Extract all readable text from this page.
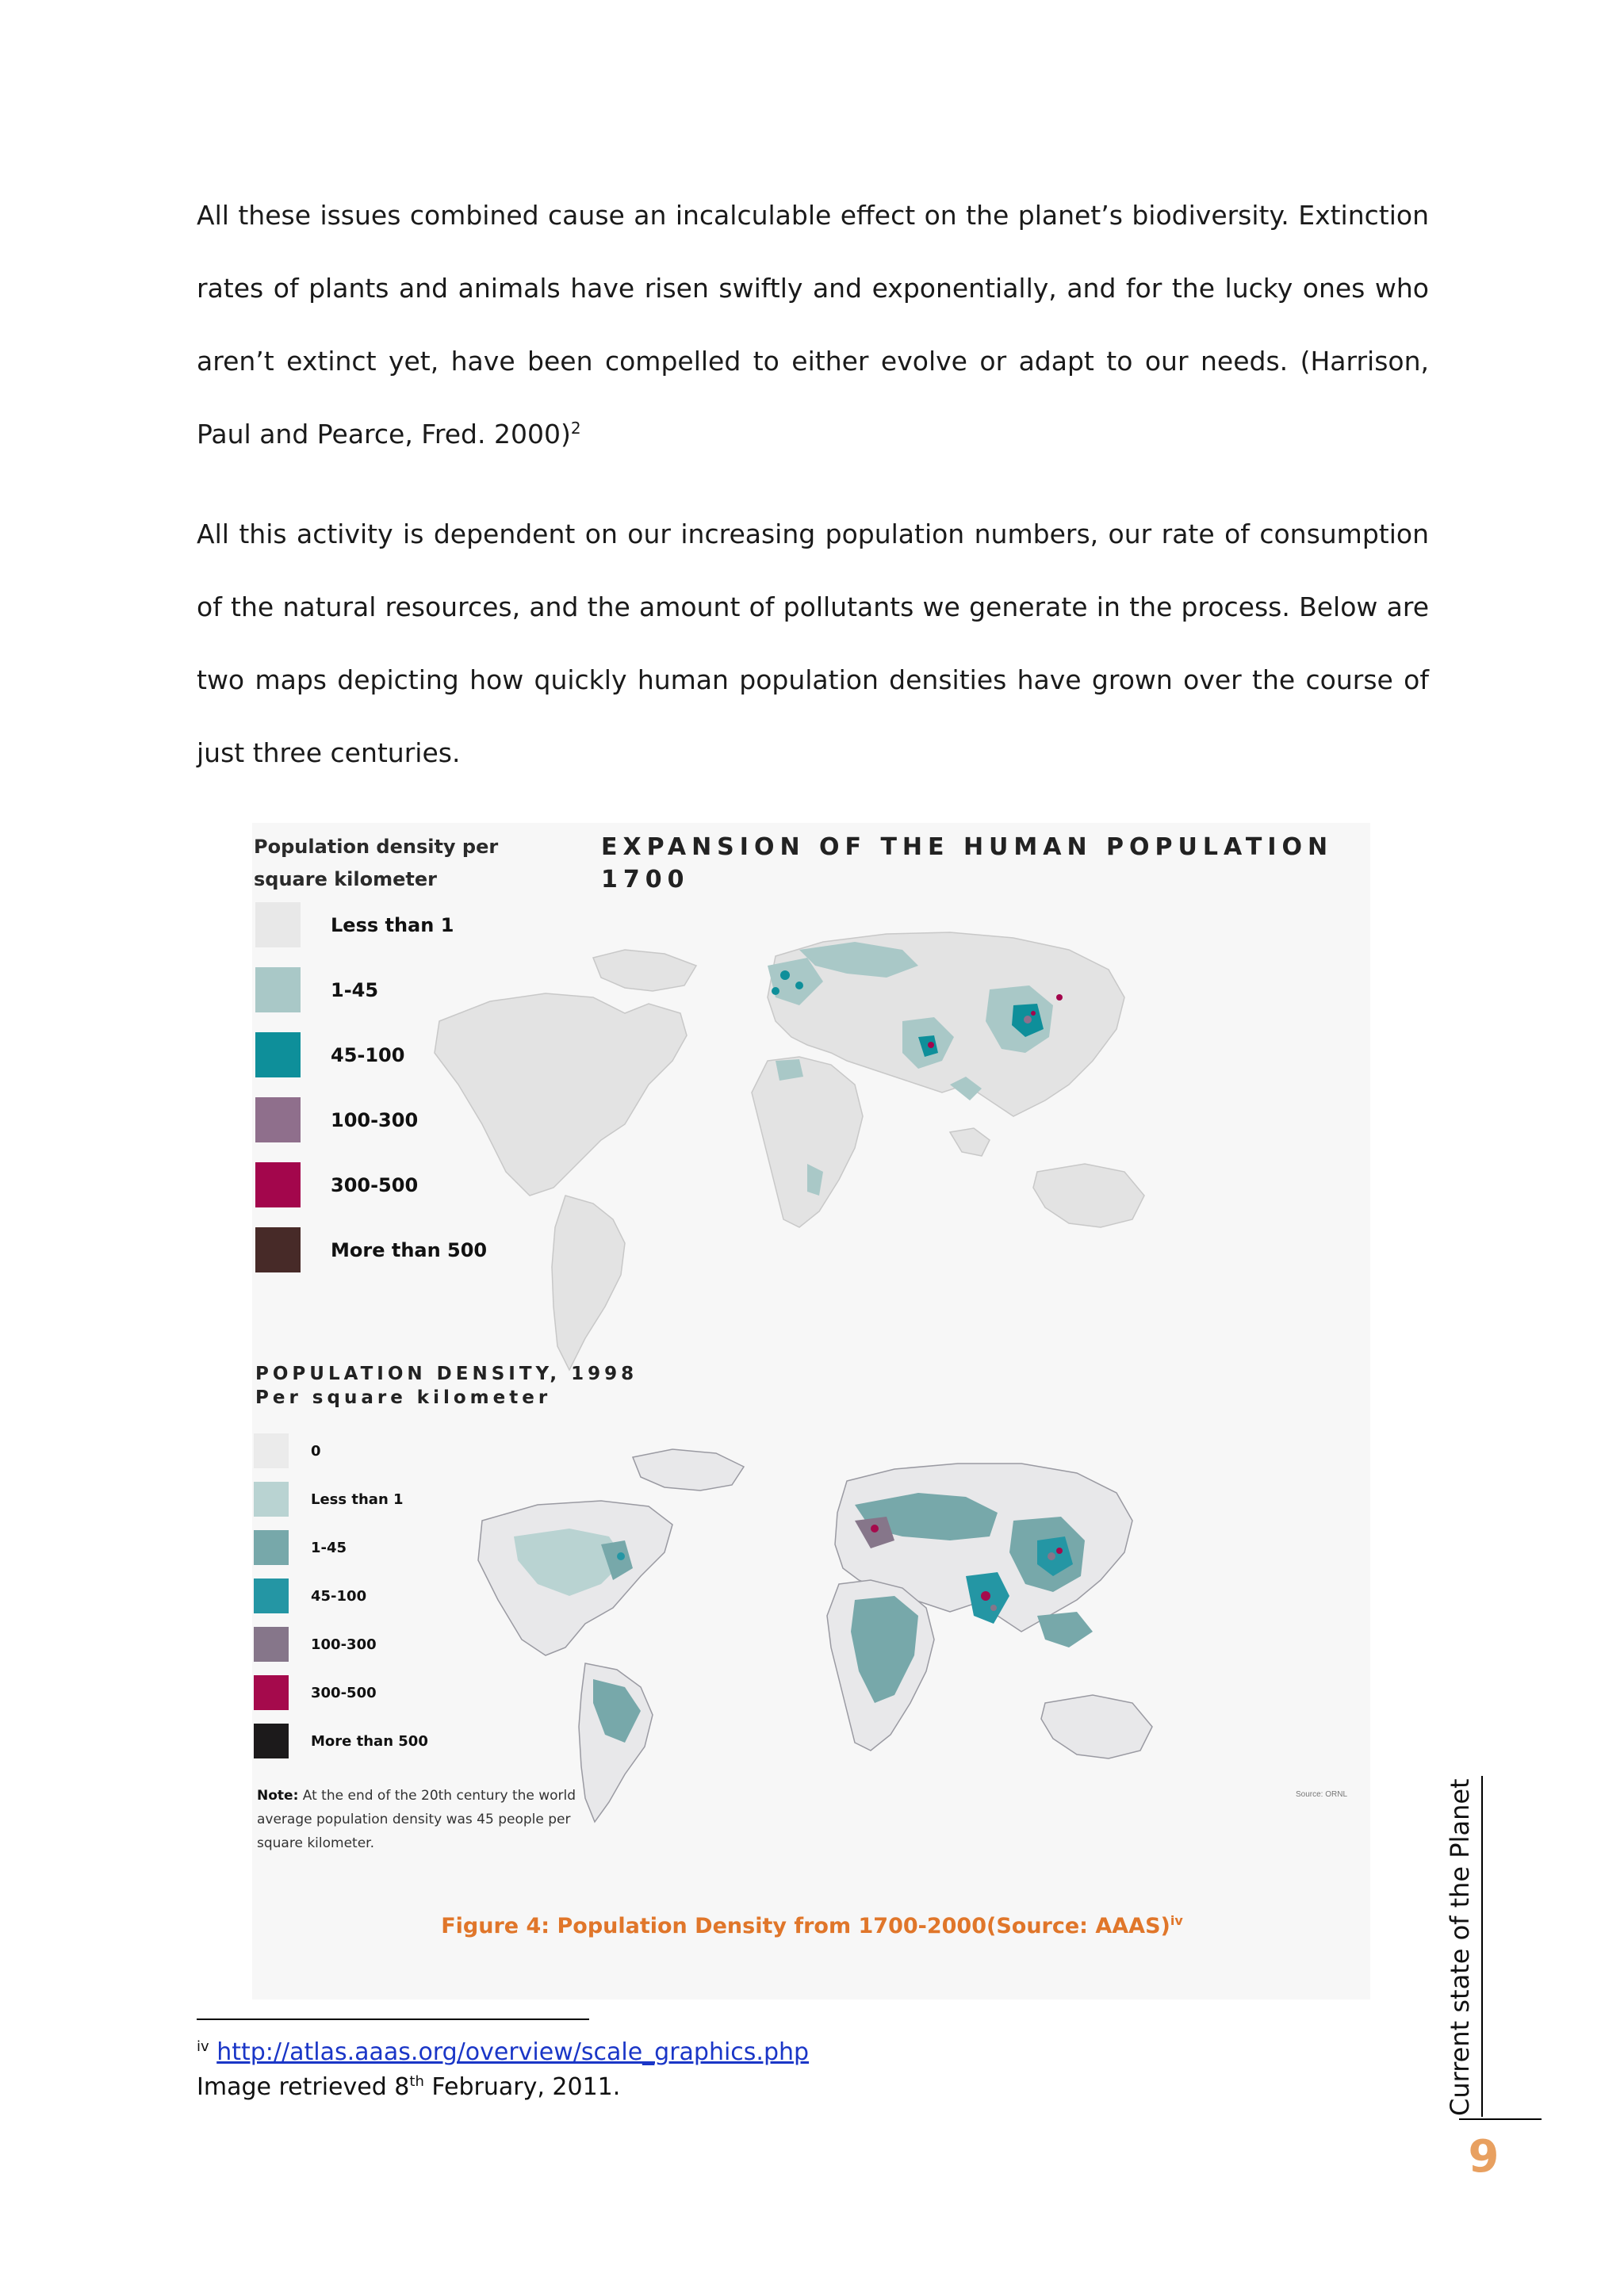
All these issues combined cause an incalculable effect on the planet’s biodiversity. Extinction rates of plants and animals have risen swiftly and exponentially, and for the lucky ones who aren’t extinct yet, have been compelled to either evolve or adapt to our needs. (Harrison, Paul and Pearce, Fred. 2000)$^2$

All this activity is dependent on our increasing population numbers, our rate of consumption of the natural resources, and the amount of pollutants we generate in the process. Below are two maps depicting how quickly human population densities have grown over the course of just three centuries.

Population density per
square kilometer
EXPANSION OF THE HUMAN POPULATION
1700
Less than 1
1-45
45-100
100-300
300-500
More than 500
POPULATION DENSITY, 1998
Per square kilometer
0
Less than 1
1-45
45-100
100-300
300-500
More than 500
Note: At the end of the 20th century the world average population density was 45 people per square kilometer.
Source: ORNL
Figure 4: Population Density from 1700-2000(Source: AAAS)$^{iv}$
$^{iv}$ http://atlas.aaas.org/overview/scale_graphics.php
Image retrieved 8th February, 2011.	Current state of the Planet
9
